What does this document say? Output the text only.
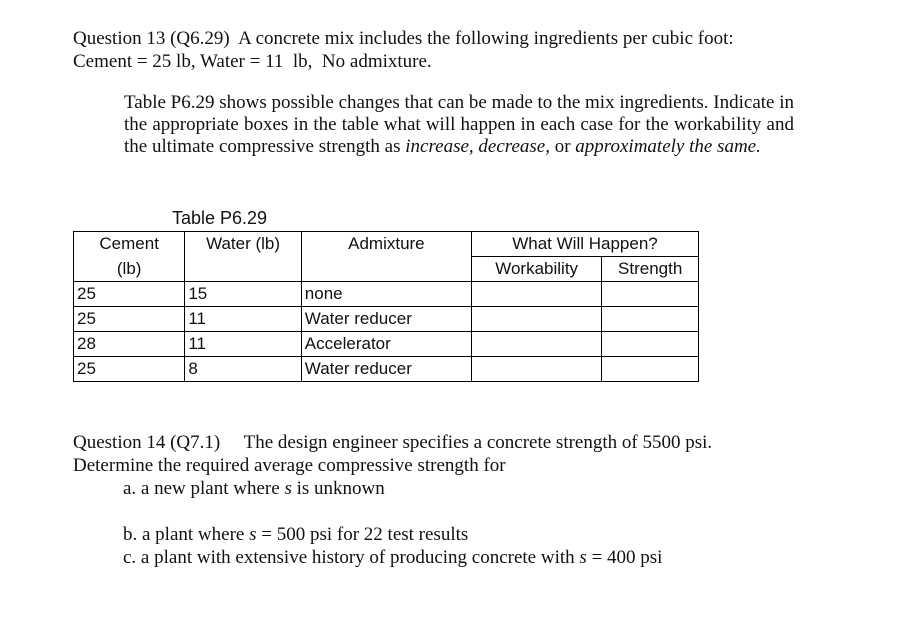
Question 13 (Q6.29)  A concrete mix includes the following ingredients per cubic foot:
Cement = 25 lb, Water = 11  lb,  No admixture.
Table P6.29 shows possible changes that can be made to the mix ingredients. Indicate in the appropriate boxes in the table what will happen in each case for the workability and the ultimate compressive strength as increase, decrease, or approximately the same.
Table P6.29
Cement	Water (lb)	Admixture	What Will Happen?	
(lb)			Workability	Strength
25	15	none		
25	11	Water reducer		
28	11	Accelerator		
25	8	Water reducer		
Question 14 (Q7.1)     The design engineer specifies a concrete strength of 5500 psi.
Determine the required average compressive strength for
a. a new plant where s is unknown
b. a plant where s = 500 psi for 22 test results
c. a plant with extensive history of producing concrete with s = 400 psi
